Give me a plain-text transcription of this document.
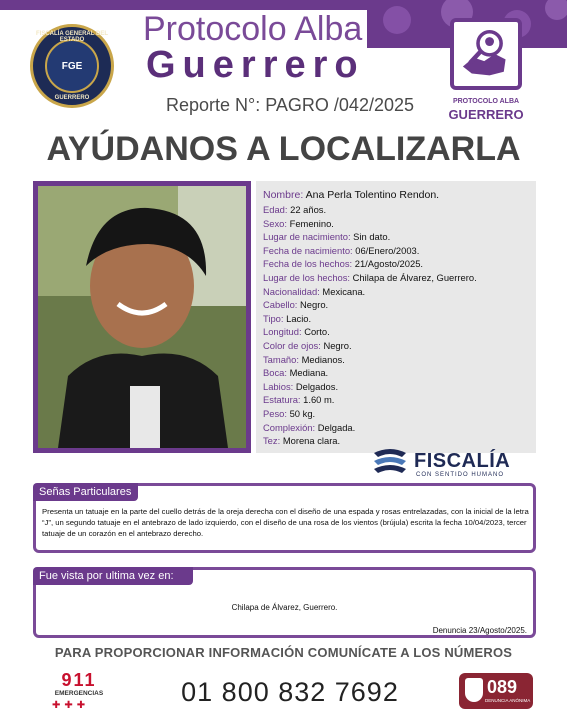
FISCALÍA GENERAL DEL ESTADO
FGE
GUERRERO
Protocolo Alba
Guerrero
Reporte N°: PAGRO /042/2025	PROTOCOLO ALBA
GUERRERO
AYÚDANOS A LOCALIZARLA
Nombre: Ana Perla Tolentino Rendon.
Edad: 22 años.
Sexo: Femenino.
Lugar de nacimiento: Sin dato.
Fecha de nacimiento: 06/Enero/2003.
Fecha de los hechos: 21/Agosto/2025.
Lugar de los hechos: Chilapa de Álvarez, Guerrero.
Nacionalidad: Mexicana.
Cabello: Negro.
Tipo: Lacio.
Longitud: Corto.
Color de ojos: Negro.
Tamaño: Medianos.
Boca: Mediana.
Labios: Delgados.
Estatura: 1.60 m.
Peso: 50 kg.
Complexión: Delgada.
Tez: Morena clara.
FISCALÍA
CON SENTIDO HUMANO
Señas Particulares
Presenta un tatuaje en la parte del cuello detrás de la oreja derecha con el diseño de una espada y rosas entrelazadas, con la inicial de la letra “J”, un segundo tatuaje en el antebrazo de lado izquierdo, con el diseño de una rosa de los vientos (brújula) escrita la fecha 10/04/2023, tercer tatuaje de un corazón en el antebrazo derecho.
Fue vista por ultima vez en:
Chilapa de Álvarez, Guerrero.
Denuncia 23/Agosto/2025.
PARA PROPORCIONAR INFORMACIÓN COMUNÍCATE A LOS NÚMEROS
911
EMERGENCIAS
✚✚✚	01 800 832 7692	089
DENUNCIA ANÓNIMA
